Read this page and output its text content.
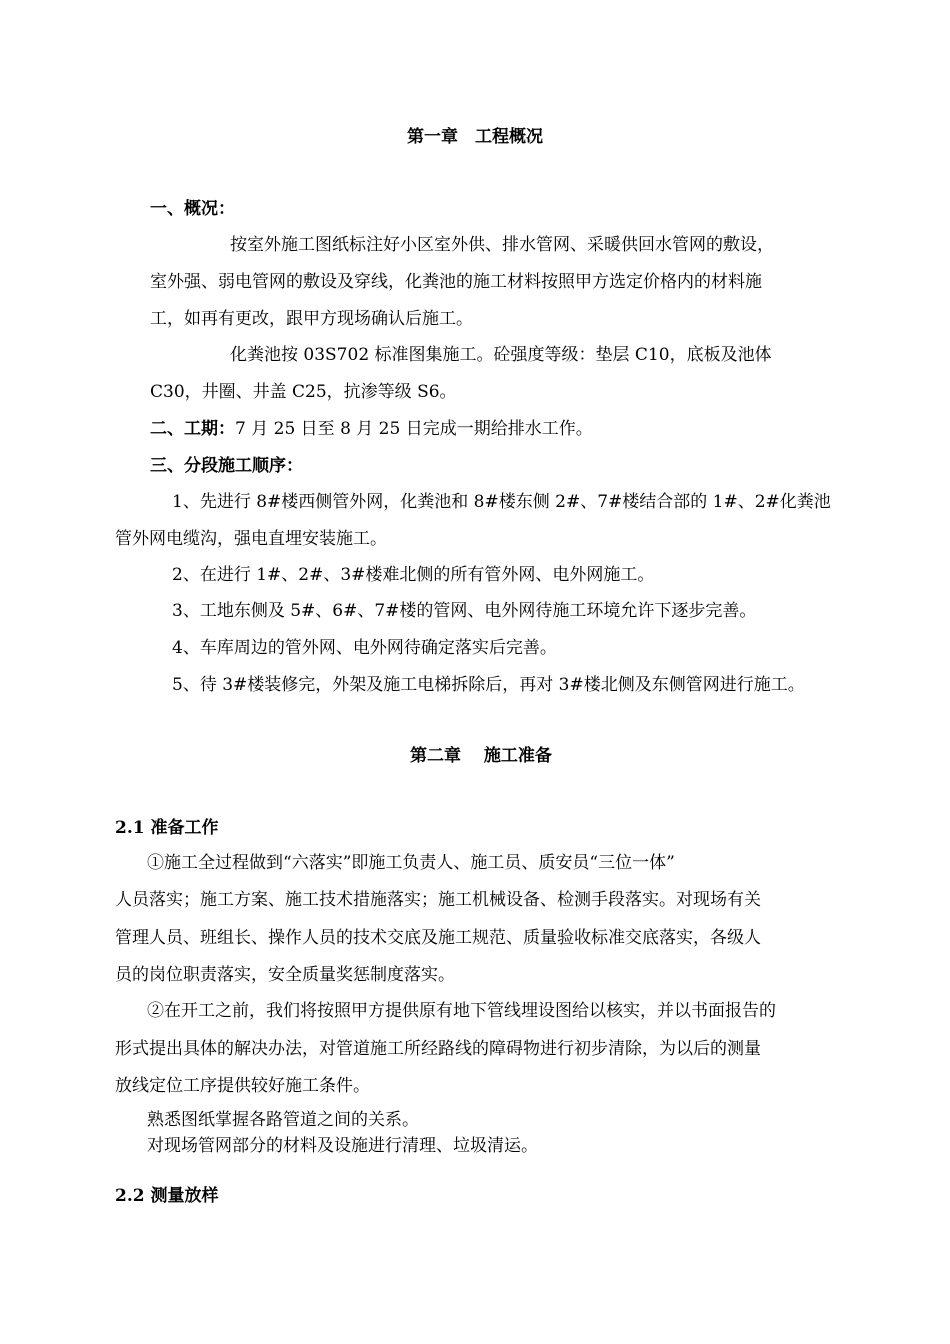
第一章　工程概况
一、概况：
按室外施工图纸标注好小区室外供、排水管网、采暖供回水管网的敷设，
室外强、弱电管网的敷设及穿线，化粪池的施工材料按照甲方选定价格内的材料施
工，如再有更改，跟甲方现场确认后施工。
化粪池按 03S702 标准图集施工。砼强度等级：垫层 C10，底板及池体
C30，井圈、井盖 C25，抗渗等级 S6。
二、工期：7 月 25 日至 8 月 25 日完成一期给排水工作。
三、分段施工顺序：
1、先进行 8#楼西侧管外网，化粪池和 8#楼东侧 2#、7#楼结合部的 1#、2#化粪池
管外网电缆沟，强电直埋安装施工。
2、在进行 1#、2#、3#楼难北侧的所有管外网、电外网施工。
3、工地东侧及 5#、6#、7#楼的管网、电外网待施工环境允许下逐步完善。
4、车库周边的管外网、电外网待确定落实后完善。
5、待 3#楼装修完，外架及施工电梯拆除后，再对 3#楼北侧及东侧管网进行施工。
第二章　 施工准备
2.1 准备工作
①施工全过程做到“六落实”即施工负责人、施工员、质安员“三位一体”
人员落实；施工方案、施工技术措施落实；施工机械设备、检测手段落实。对现场有关
管理人员、班组长、操作人员的技术交底及施工规范、质量验收标准交底落实，各级人
员的岗位职责落实，安全质量奖惩制度落实。
②在开工之前，我们将按照甲方提供原有地下管线埋设图给以核实，并以书面报告的
形式提出具体的解决办法，对管道施工所经路线的障碍物进行初步清除，为以后的测量
放线定位工序提供较好施工条件。
熟悉图纸掌握各路管道之间的关系。
对现场管网部分的材料及设施进行清理、垃圾清运。
2.2 测量放样
